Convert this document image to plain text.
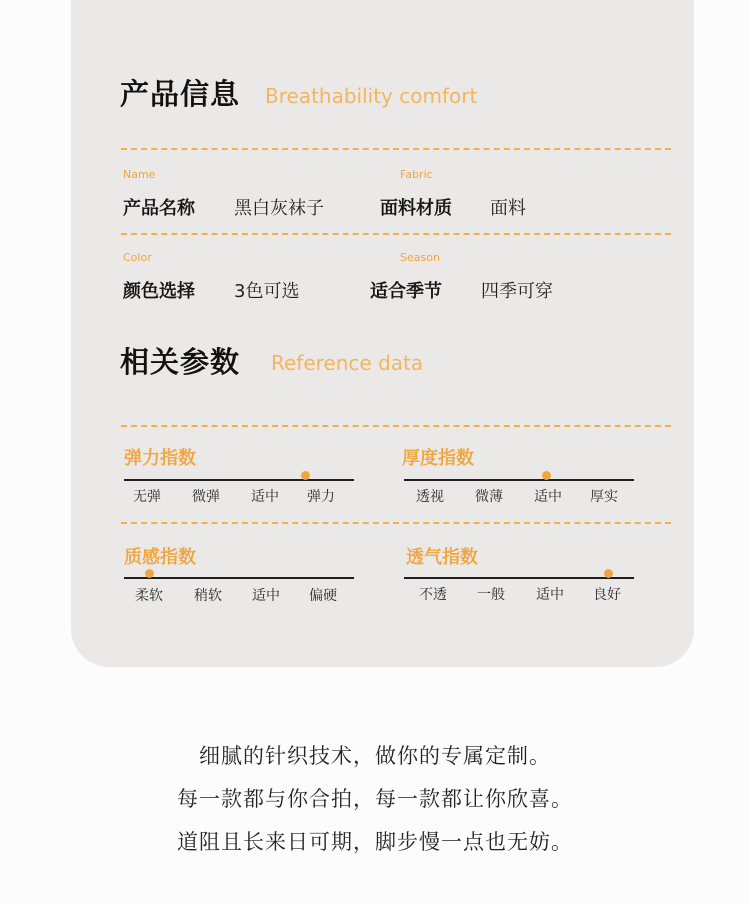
产品信息 Breathability comfort
Name
产品名称 黑白灰袜子
Fabric
面料材质 面料
Color
颜色选择 3色可选
Season
适合季节 四季可穿
相关参数 Reference data
弹力指数
无弹 微弹 适中 弹力
厚度指数
透视 微薄 适中 厚实
质感指数
柔软 稍软 适中 偏硬
透气指数
不透 一般 适中 良好
细腻的针织技术，做你的专属定制。
每一款都与你合拍，每一款都让你欣喜。
道阻且长来日可期，脚步慢一点也无妨。
